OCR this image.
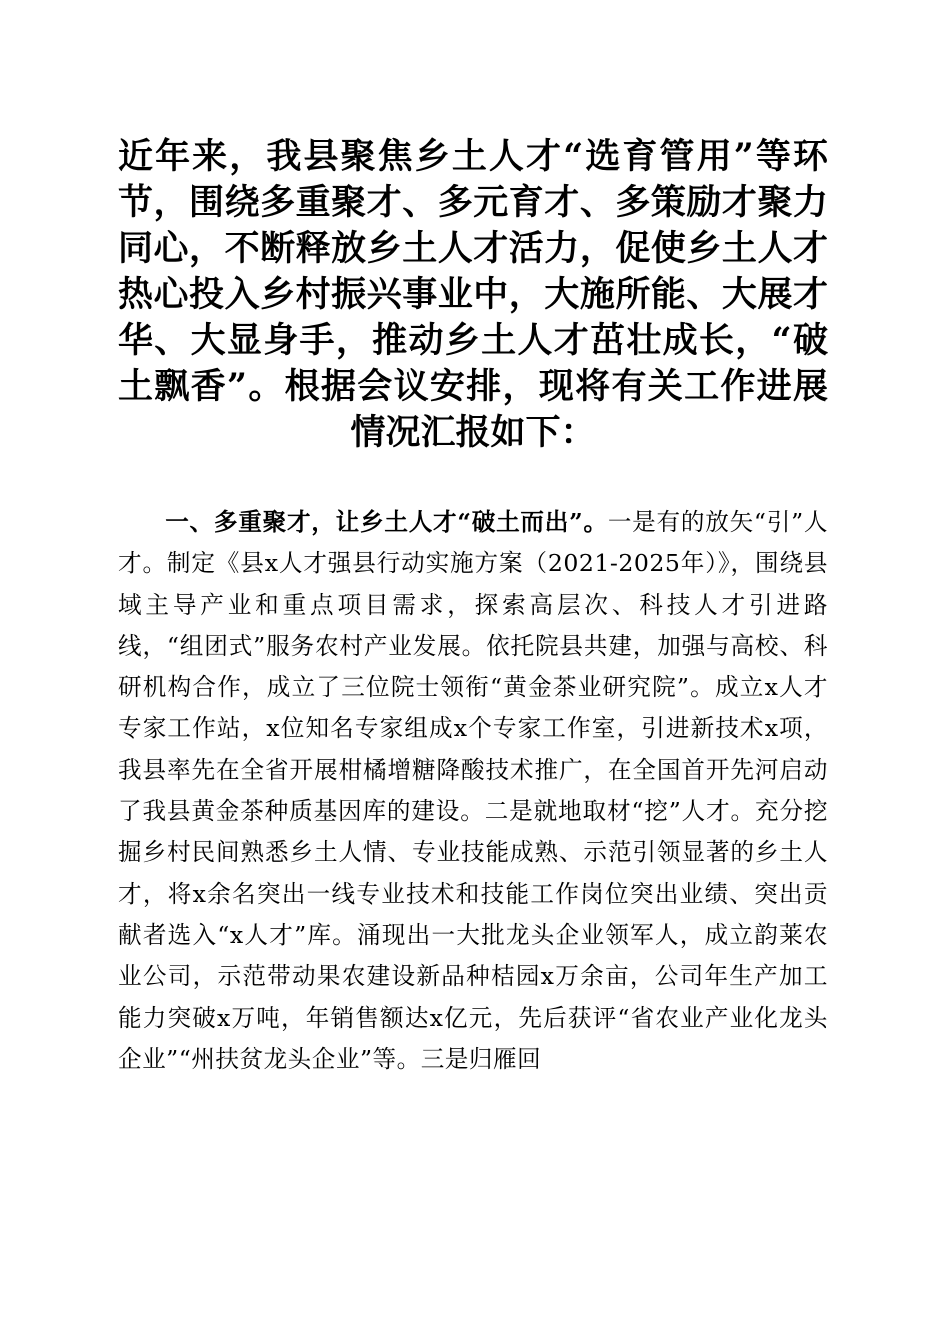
近年来，我县聚焦乡土人才“选育管用”等环节，围绕多重聚才、多元育才、多策励才聚力同心，不断释放乡土人才活力，促使乡土人才热心投入乡村振兴事业中，大施所能、大展才华、大显身手，推动乡土人才茁壮成长，“破土飘香”。根据会议安排，现将有关工作进展情况汇报如下：

一、多重聚才，让乡土人才“破土而出”。一是有的放矢“引”人才。制定《县x人才强县行动实施方案（2021-2025年）》，围绕县域主导产业和重点项目需求，探索高层次、科技人才引进路线，“组团式”服务农村产业发展。依托院县共建，加强与高校、科研机构合作，成立了三位院士领衔“黄金茶业研究院”。成立x人才专家工作站，x位知名专家组成x个专家工作室，引进新技术x项，我县率先在全省开展柑橘增糖降酸技术推广，在全国首开先河启动了我县黄金茶种质基因库的建设。二是就地取材“挖”人才。充分挖掘乡村民间熟悉乡土人情、专业技能成熟、示范引领显著的乡土人才，将x余名突出一线专业技术和技能工作岗位突出业绩、突出贡献者选入“x人才”库。涌现出一大批龙头企业领军人，成立韵莱农业公司，示范带动果农建设新品种桔园x万余亩，公司年生产加工能力突破x万吨，年销售额达x亿元，先后获评“省农业产业化龙头企业”“州扶贫龙头企业”等。三是归雁回
